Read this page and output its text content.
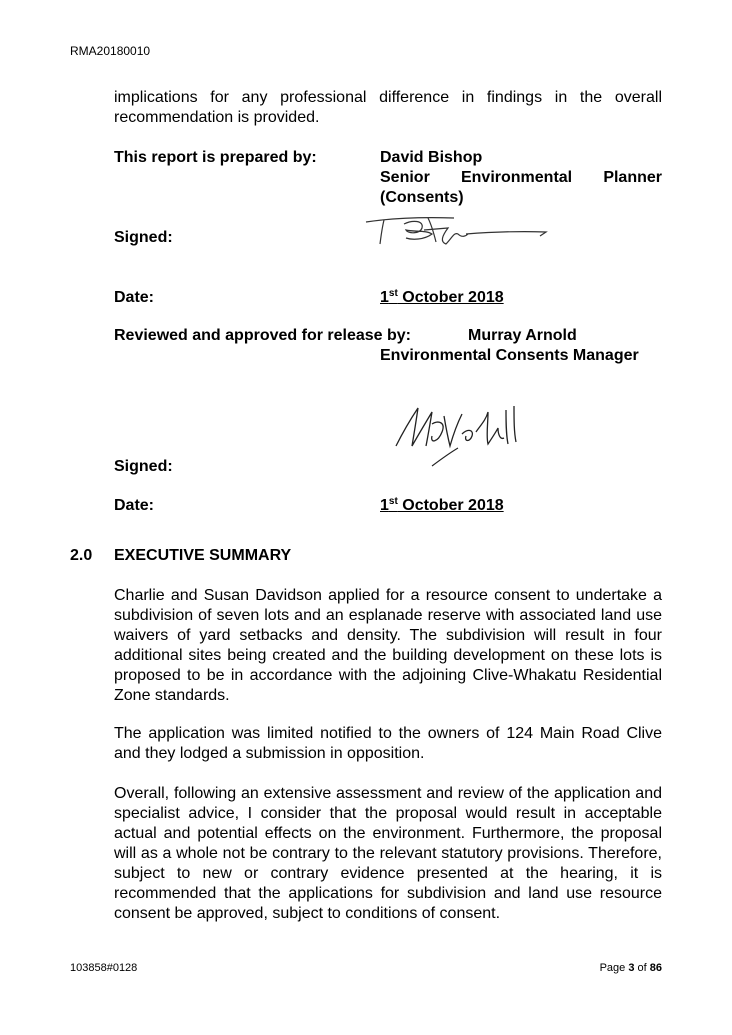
RMA20180010
implications for any professional difference in findings in the overall recommendation is provided.
This report is prepared by:	David Bishop
Senior Environmental Planner
(Consents)
Signed:
Date:	1st October 2018
Reviewed and approved for release by:	Murray Arnold
Environmental Consents Manager
Signed:
Date:	1st October 2018
2.0 EXECUTIVE SUMMARY
Charlie and Susan Davidson applied for a resource consent to undertake a subdivision of seven lots and an esplanade reserve with associated land use waivers of yard setbacks and density. The subdivision will result in four additional sites being created and the building development on these lots is proposed to be in accordance with the adjoining Clive-Whakatu Residential Zone standards.
The application was limited notified to the owners of 124 Main Road Clive and they lodged a submission in opposition.
Overall, following an extensive assessment and review of the application and specialist advice, I consider that the proposal would result in acceptable actual and potential effects on the environment. Furthermore, the proposal will as a whole not be contrary to the relevant statutory provisions. Therefore, subject to new or contrary evidence presented at the hearing, it is recommended that the applications for subdivision and land use resource consent be approved, subject to conditions of consent.
103858#0128	Page 3 of 86
